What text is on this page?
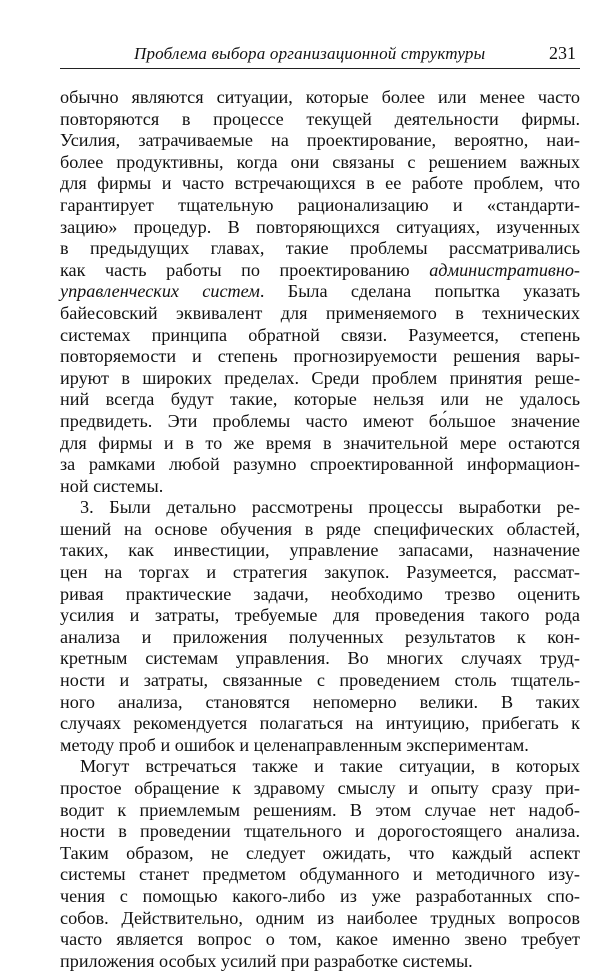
Проблема выбора организационной структуры	231
обычно являются ситуации, которые более или менее часто
повторяются в процессе текущей деятельности фирмы.
Усилия, затрачиваемые на проектирование, вероятно, наи-
более продуктивны, когда они связаны с решением важных
для фирмы и часто встречающихся в ее работе проблем, что
гарантирует тщательную рационализацию и «стандарти-
зацию» процедур. В повторяющихся ситуациях, изученных
в предыдущих главах, такие проблемы рассматривались
как часть работы по проектированию административно-
управленческих систем. Была сделана попытка указать
байесовский эквивалент для применяемого в технических
системах принципа обратной связи. Разумеется, степень
повторяемости и степень прогнозируемости решения вары-
ируют в широких пределах. Среди проблем принятия реше-
ний всегда будут такие, которые нельзя или не удалось
предвидеть. Эти проблемы часто имеют бо́льшое значение
для фирмы и в то же время в значительной мере остаются
за рамками любой разумно спроектированной информацион-
ной системы.
3. Были детально рассмотрены процессы выработки ре-
шений на основе обучения в ряде специфических областей,
таких, как инвестиции, управление запасами, назначение
цен на торгах и стратегия закупок. Разумеется, рассмат-
ривая практические задачи, необходимо трезво оценить
усилия и затраты, требуемые для проведения такого рода
анализа и приложения полученных результатов к кон-
кретным системам управления. Во многих случаях труд-
ности и затраты, связанные с проведением столь тщатель-
ного анализа, становятся непомерно велики. В таких
случаях рекомендуется полагаться на интуицию, прибегать к
методу проб и ошибок и целенаправленным экспериментам.
Могут встречаться также и такие ситуации, в которых
простое обращение к здравому смыслу и опыту сразу при-
водит к приемлемым решениям. В этом случае нет надоб-
ности в проведении тщательного и дорогостоящего анализа.
Таким образом, не следует ожидать, что каждый аспект
системы станет предметом обдуманного и методичного изу-
чения с помощью какого-либо из уже разработанных спо-
собов. Действительно, одним из наиболее трудных вопросов
часто является вопрос о том, какое именно звено требует
приложения особых усилий при разработке системы.
